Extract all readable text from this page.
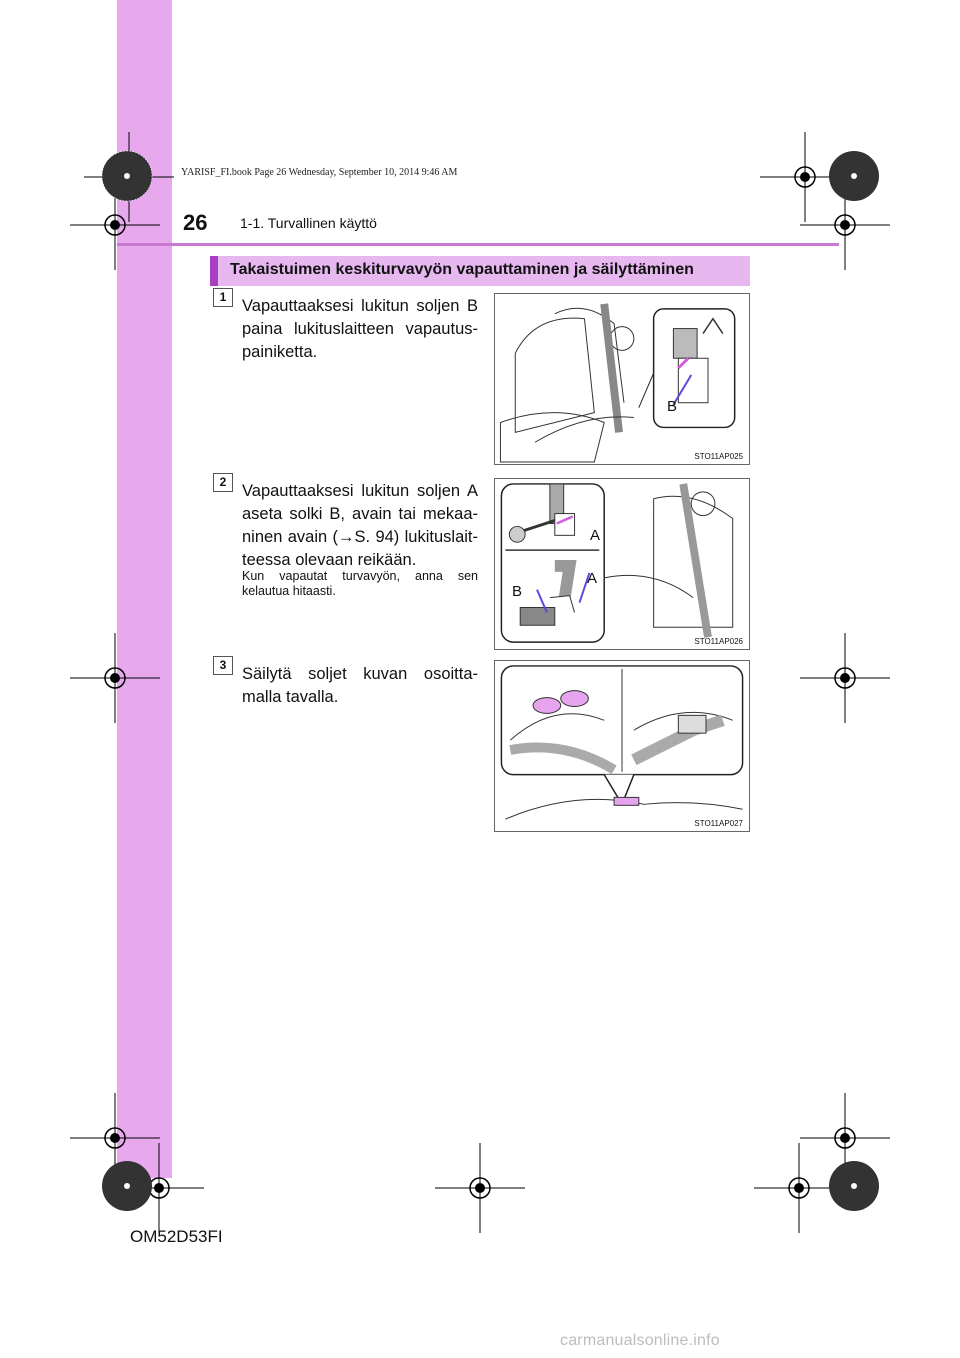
YARISF_FI.book Page 26 Wednesday, September 10, 2014 9:46 AM
26 1-1. Turvallinen käyttö
Takaistuimen keskiturvavyön vapauttaminen ja säilyttäminen
1 Vapauttaaksesi lukitun soljen B paina lukituslaitteen vapautus-painiketta.
2 Vapauttaaksesi lukitun soljen A aseta solki B, avain tai mekaa-ninen avain (→S. 94) lukituslait-teessa olevaan reikään.
Kun vapautat turvavyön, anna sen kelautua hitaasti.
3 Säilytä soljet kuvan osoitta-malla tavalla.
B
STO11AP025
A
A
B
STO11AP026
STO11AP027
OM52D53FI
carmanualsonline.info
